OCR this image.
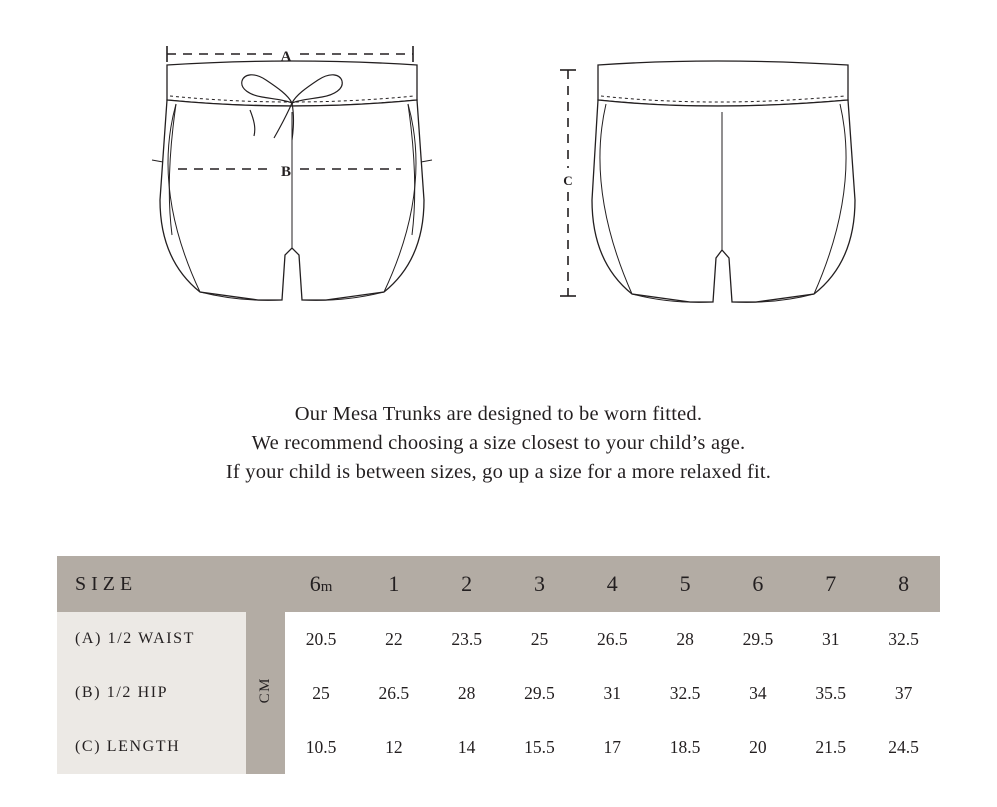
A
B
C

Our Mesa Trunks are designed to be worn fitted.

We recommend choosing a size closest to your child’s age.

If your child is between sizes, go up a size for a more relaxed fit.

SIZE		6m	1	2	3	4	5	6	7	8
(A) 1/2 WAIST	CM	20.5	22	23.5	25	26.5	28	29.5	31	32.5
(B) 1/2 HIP		25	26.5	28	29.5	31	32.5	34	35.5	37
(C) LENGTH		10.5	12	14	15.5	17	18.5	20	21.5	24.5
